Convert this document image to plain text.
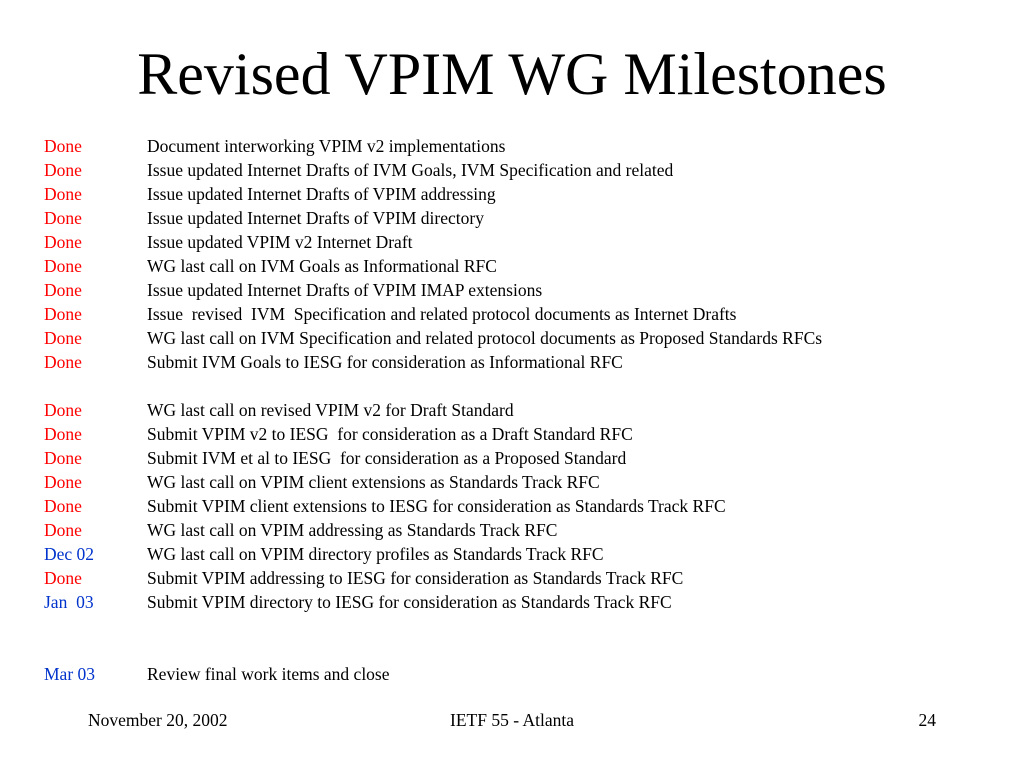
Revised VPIM WG Milestones
Done	Document interworking VPIM v2 implementations
Done	Issue updated Internet Drafts of IVM Goals, IVM Specification and related
Done	Issue updated Internet Drafts of VPIM addressing
Done	Issue updated Internet Drafts of VPIM directory
Done	Issue updated VPIM v2 Internet Draft
Done	WG last call on IVM Goals as Informational RFC
Done	Issue updated Internet Drafts of VPIM IMAP extensions
Done	Issue  revised  IVM  Specification and related protocol documents as Internet Drafts
Done	WG last call on IVM Specification and related protocol documents as Proposed Standards RFCs
Done	Submit IVM Goals to IESG for consideration as Informational RFC
Done	WG last call on revised VPIM v2 for Draft Standard
Done	Submit VPIM v2 to IESG  for consideration as a Draft Standard RFC
Done	Submit IVM et al to IESG  for consideration as a Proposed Standard
Done	WG last call on VPIM client extensions as Standards Track RFC
Done	Submit VPIM client extensions to IESG for consideration as Standards Track RFC
Done	WG last call on VPIM addressing as Standards Track RFC
Dec 02	WG last call on VPIM directory profiles as Standards Track RFC
Done	Submit VPIM addressing to IESG for consideration as Standards Track RFC
Jan  03	Submit VPIM directory to IESG for consideration as Standards Track RFC
Mar 03	Review final work items and close
November 20, 2002	IETF 55 - Atlanta	24
